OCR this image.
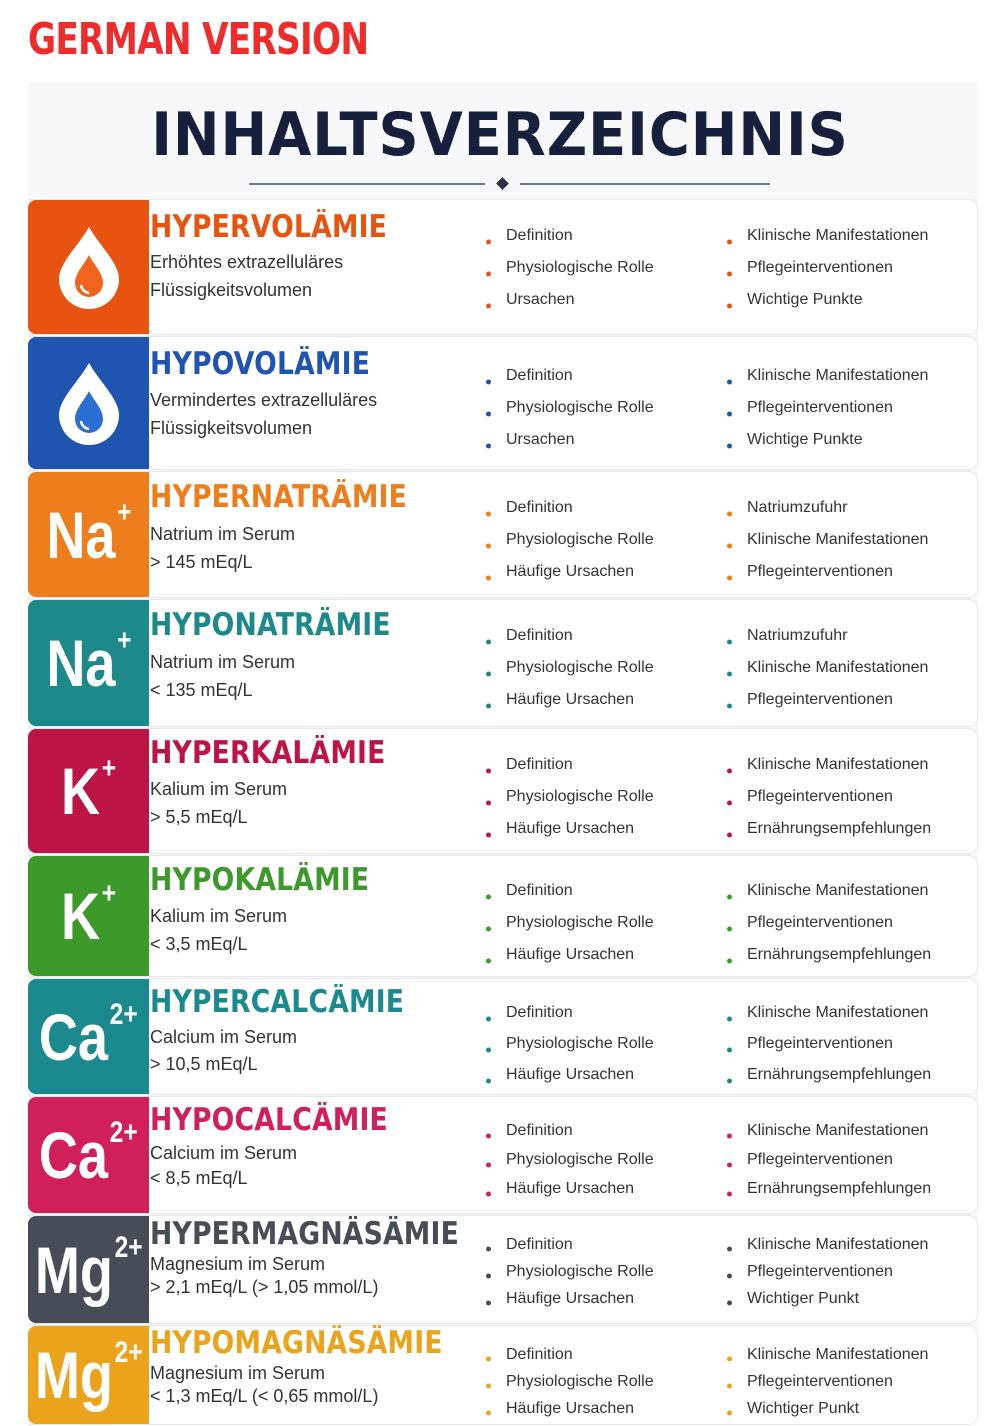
GERMAN VERSION
INHALTSVERZEICHNIS
HYPERVOLÄMIE
Erhöhtes extrazelluläres
Flüssigkeitsvolumen
Definition
Physiologische Rolle
Ursachen
Klinische Manifestationen
Pflegeinterventionen
Wichtige Punkte
HYPOVOLÄMIE
Vermindertes extrazelluläres
Flüssigkeitsvolumen
Definition
Physiologische Rolle
Ursachen
Klinische Manifestationen
Pflegeinterventionen
Wichtige Punkte
Na+ HYPERNATRÄMIE
Natrium im Serum
> 145 mEq/L
Definition
Physiologische Rolle
Häufige Ursachen
Natriumzufuhr
Klinische Manifestationen
Pflegeinterventionen
Na+ HYPONATRÄMIE
Natrium im Serum
< 135 mEq/L
Definition
Physiologische Rolle
Häufige Ursachen
Natriumzufuhr
Klinische Manifestationen
Pflegeinterventionen
K+ HYPERKALÄMIE
Kalium im Serum
> 5,5 mEq/L
Definition
Physiologische Rolle
Häufige Ursachen
Klinische Manifestationen
Pflegeinterventionen
Ernährungsempfehlungen
K+ HYPOKALÄMIE
Kalium im Serum
< 3,5 mEq/L
Definition
Physiologische Rolle
Häufige Ursachen
Klinische Manifestationen
Pflegeinterventionen
Ernährungsempfehlungen
$Ca^{2+}$ HYPERCALCÄMIE
Calcium im Serum
> 10,5 mEq/L
Definition
Physiologische Rolle
Häufige Ursachen
Klinische Manifestationen
Pflegeinterventionen
Ernährungsempfehlungen
$Ca^{2+}$ HYPOCALCÄMIE
Calcium im Serum
< 8,5 mEq/L
Definition
Physiologische Rolle
Häufige Ursachen
Klinische Manifestationen
Pflegeinterventionen
Ernährungsempfehlungen
$Mg^{2+}$ HYPERMAGNÄSÄMIE
Magnesium im Serum
> 2,1 mEq/L (> 1,05 mmol/L)
Definition
Physiologische Rolle
Häufige Ursachen
Klinische Manifestationen
Pflegeinterventionen
Wichtiger Punkt
$Mg^{2+}$ HYPOMAGNÄSÄMIE
Magnesium im Serum
< 1,3 mEq/L (< 0,65 mmol/L)
Definition
Physiologische Rolle
Häufige Ursachen
Klinische Manifestationen
Pflegeinterventionen
Wichtiger Punkt
